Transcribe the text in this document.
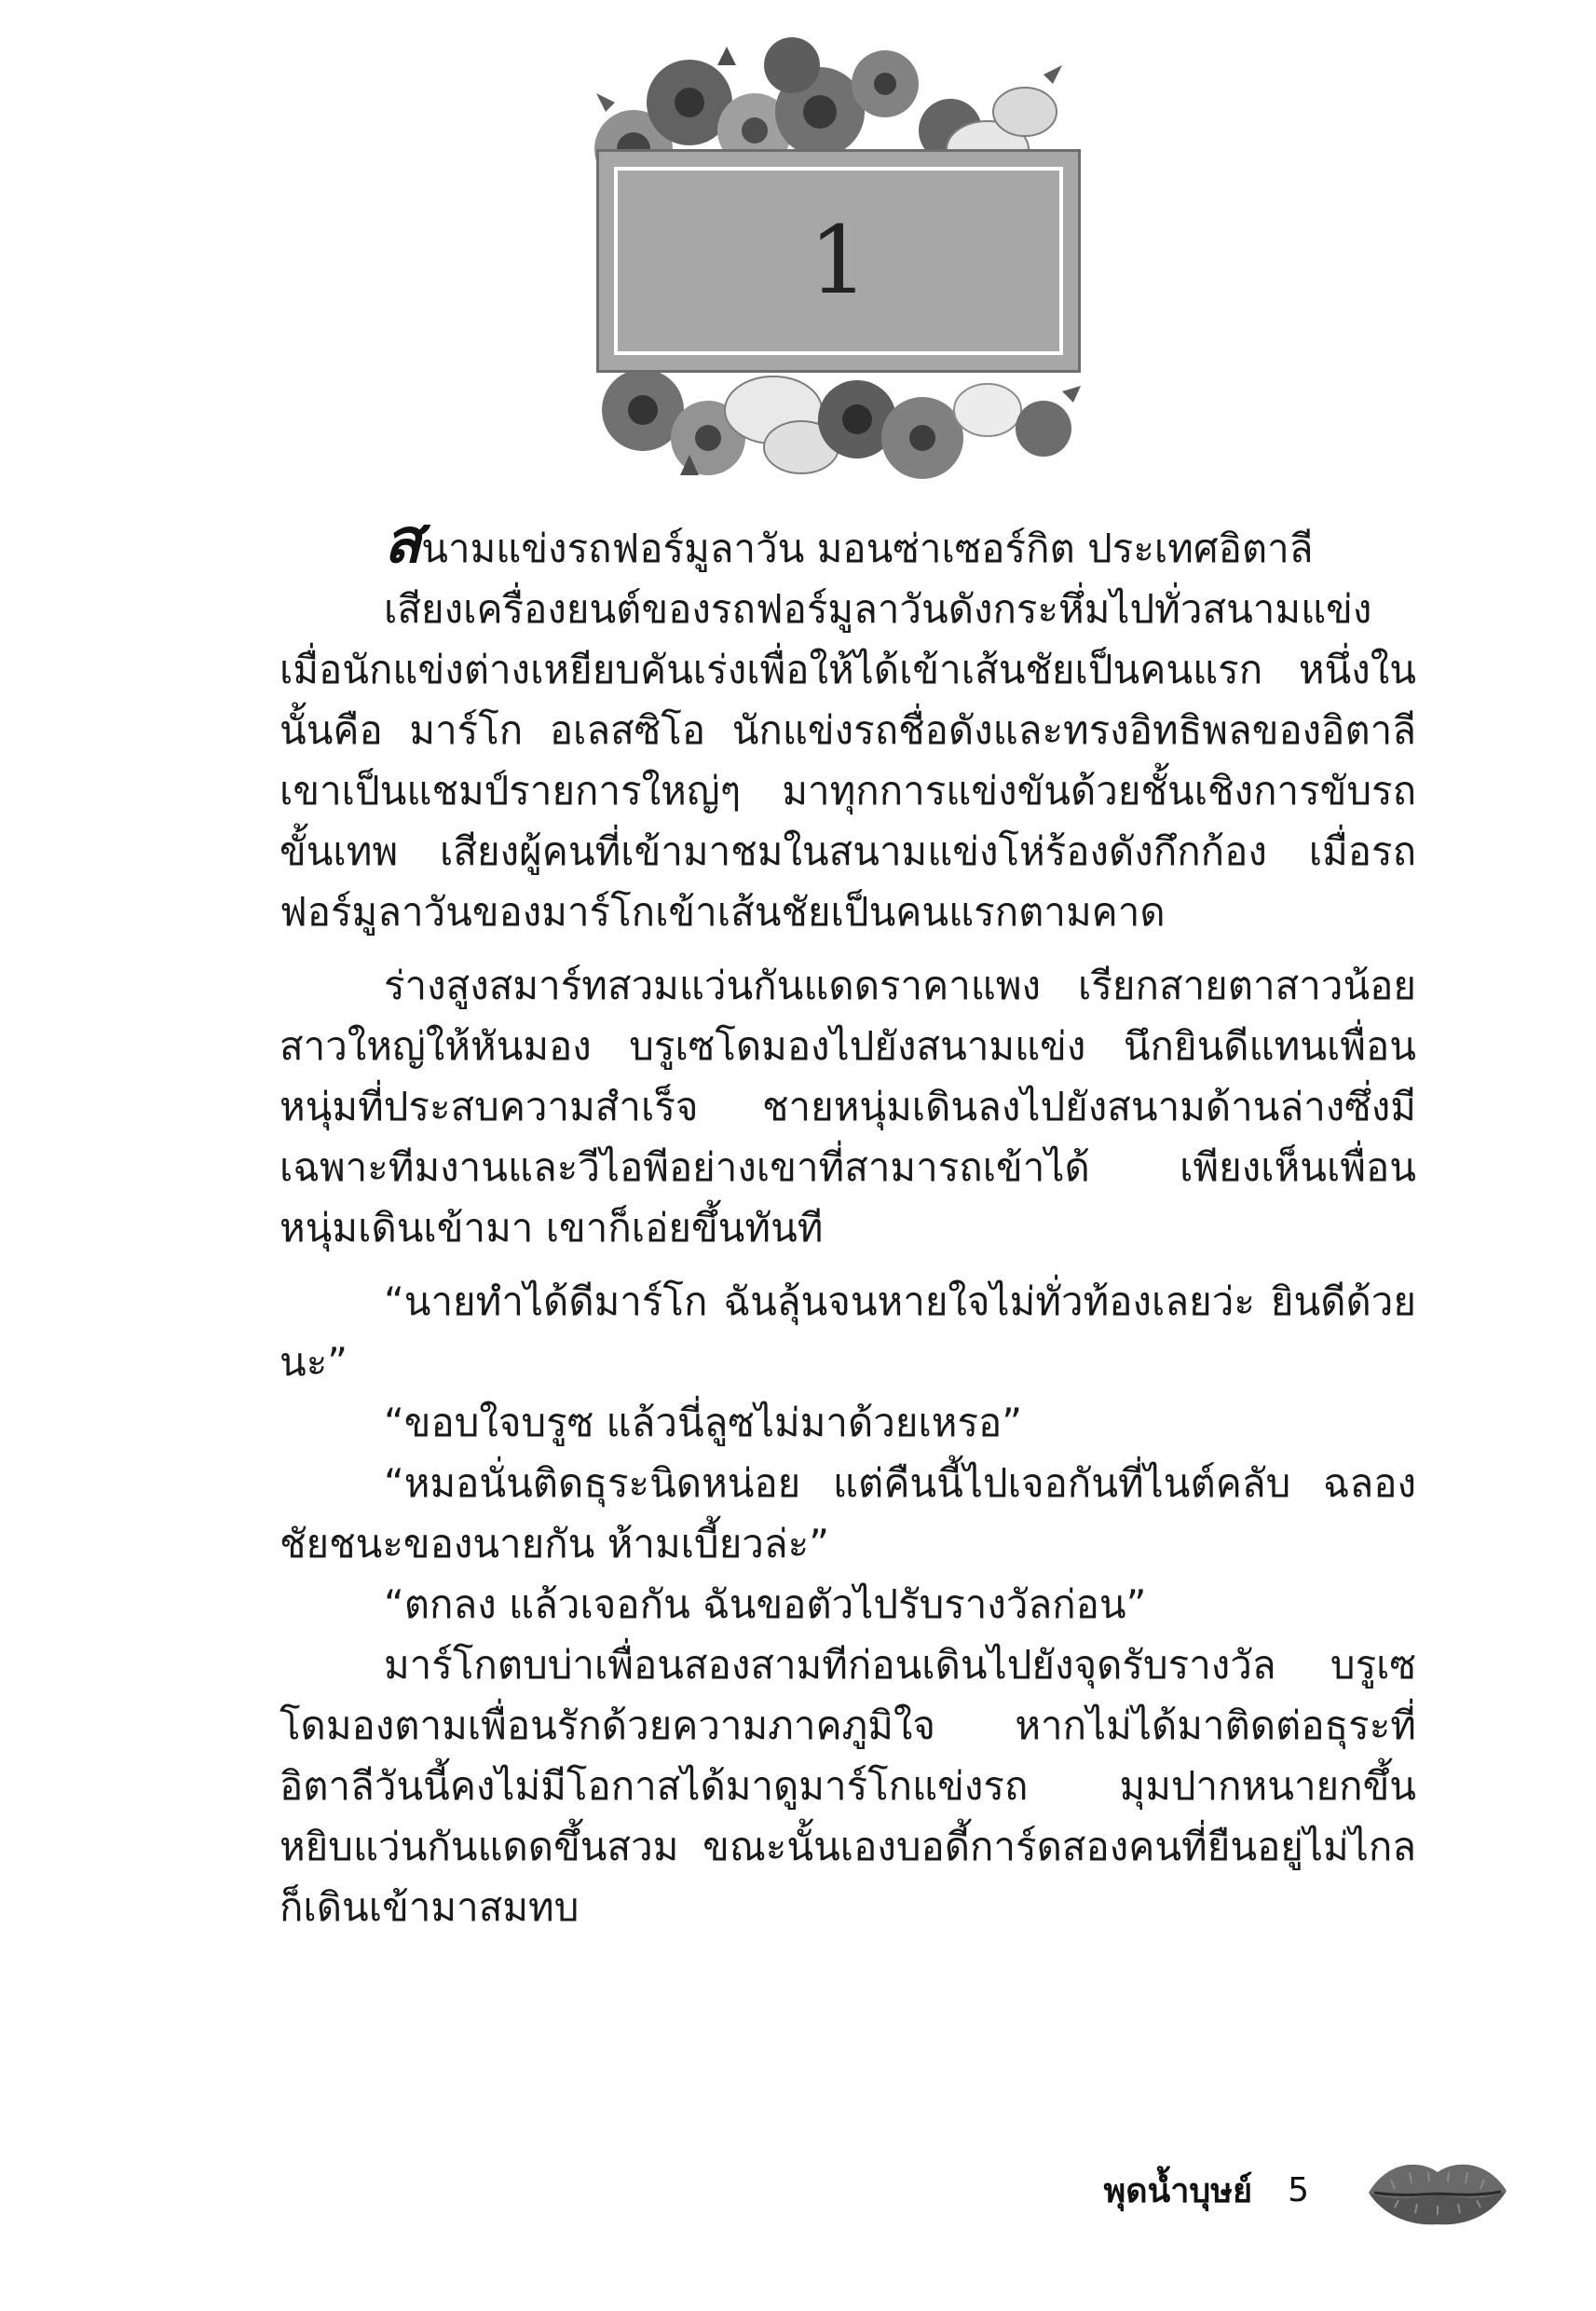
1

สนามแข่งรถฟอร์มูลาวัน มอนซ่าเซอร์กิต ประเทศอิตาลี

เสียงเครื่องยนต์ของรถฟอร์มูลาวันดังกระหึ่มไปทั่วสนามแข่ง เมื่อนักแข่งต่างเหยียบคันเร่งเพื่อให้ได้เข้าเส้นชัยเป็นคนแรก หนึ่งในนั้นคือ มาร์โก อเลสซิโอ นักแข่งรถชื่อดังและทรงอิทธิพลของอิตาลี เขาเป็นแชมป์รายการใหญ่ๆ มาทุกการแข่งขันด้วยชั้นเชิงการขับรถขั้นเทพ เสียงผู้คนที่เข้ามาชมในสนามแข่งโห่ร้องดังกึกก้อง เมื่อรถฟอร์มูลาวันของมาร์โกเข้าเส้นชัยเป็นคนแรกตามคาด

ร่างสูงสมาร์ทสวมแว่นกันแดดราคาแพง เรียกสายตาสาวน้อยสาวใหญ่ให้หันมอง บรูเซโดมองไปยังสนามแข่ง นึกยินดีแทนเพื่อนหนุ่มที่ประสบความสำเร็จ ชายหนุ่มเดินลงไปยังสนามด้านล่างซึ่งมีเฉพาะทีมงานและวีไอพีอย่างเขาที่สามารถเข้าได้ เพียงเห็นเพื่อนหนุ่มเดินเข้ามา เขาก็เอ่ยขึ้นทันที

“นายทำได้ดีมาร์โก ฉันลุ้นจนหายใจไม่ทั่วท้องเลยว่ะ ยินดีด้วยนะ”

“ขอบใจบรูซ แล้วนี่ลูซไม่มาด้วยเหรอ”

“หมอนั่นติดธุระนิดหน่อย แต่คืนนี้ไปเจอกันที่ไนต์คลับ ฉลองชัยชนะของนายกัน ห้ามเบี้ยวล่ะ”

“ตกลง แล้วเจอกัน ฉันขอตัวไปรับรางวัลก่อน”

มาร์โกตบบ่าเพื่อนสองสามทีก่อนเดินไปยังจุดรับรางวัล บรูเซโดมองตามเพื่อนรักด้วยความภาคภูมิใจ หากไม่ได้มาติดต่อธุระที่อิตาลีวันนี้คงไม่มีโอกาสได้มาดูมาร์โกแข่งรถ มุมปากหนายกขึ้น หยิบแว่นกันแดดขึ้นสวม ขณะนั้นเองบอดี้การ์ดสองคนที่ยืนอยู่ไม่ไกลก็เดินเข้ามาสมทบ

พุดน้ำบุษย์ 5
